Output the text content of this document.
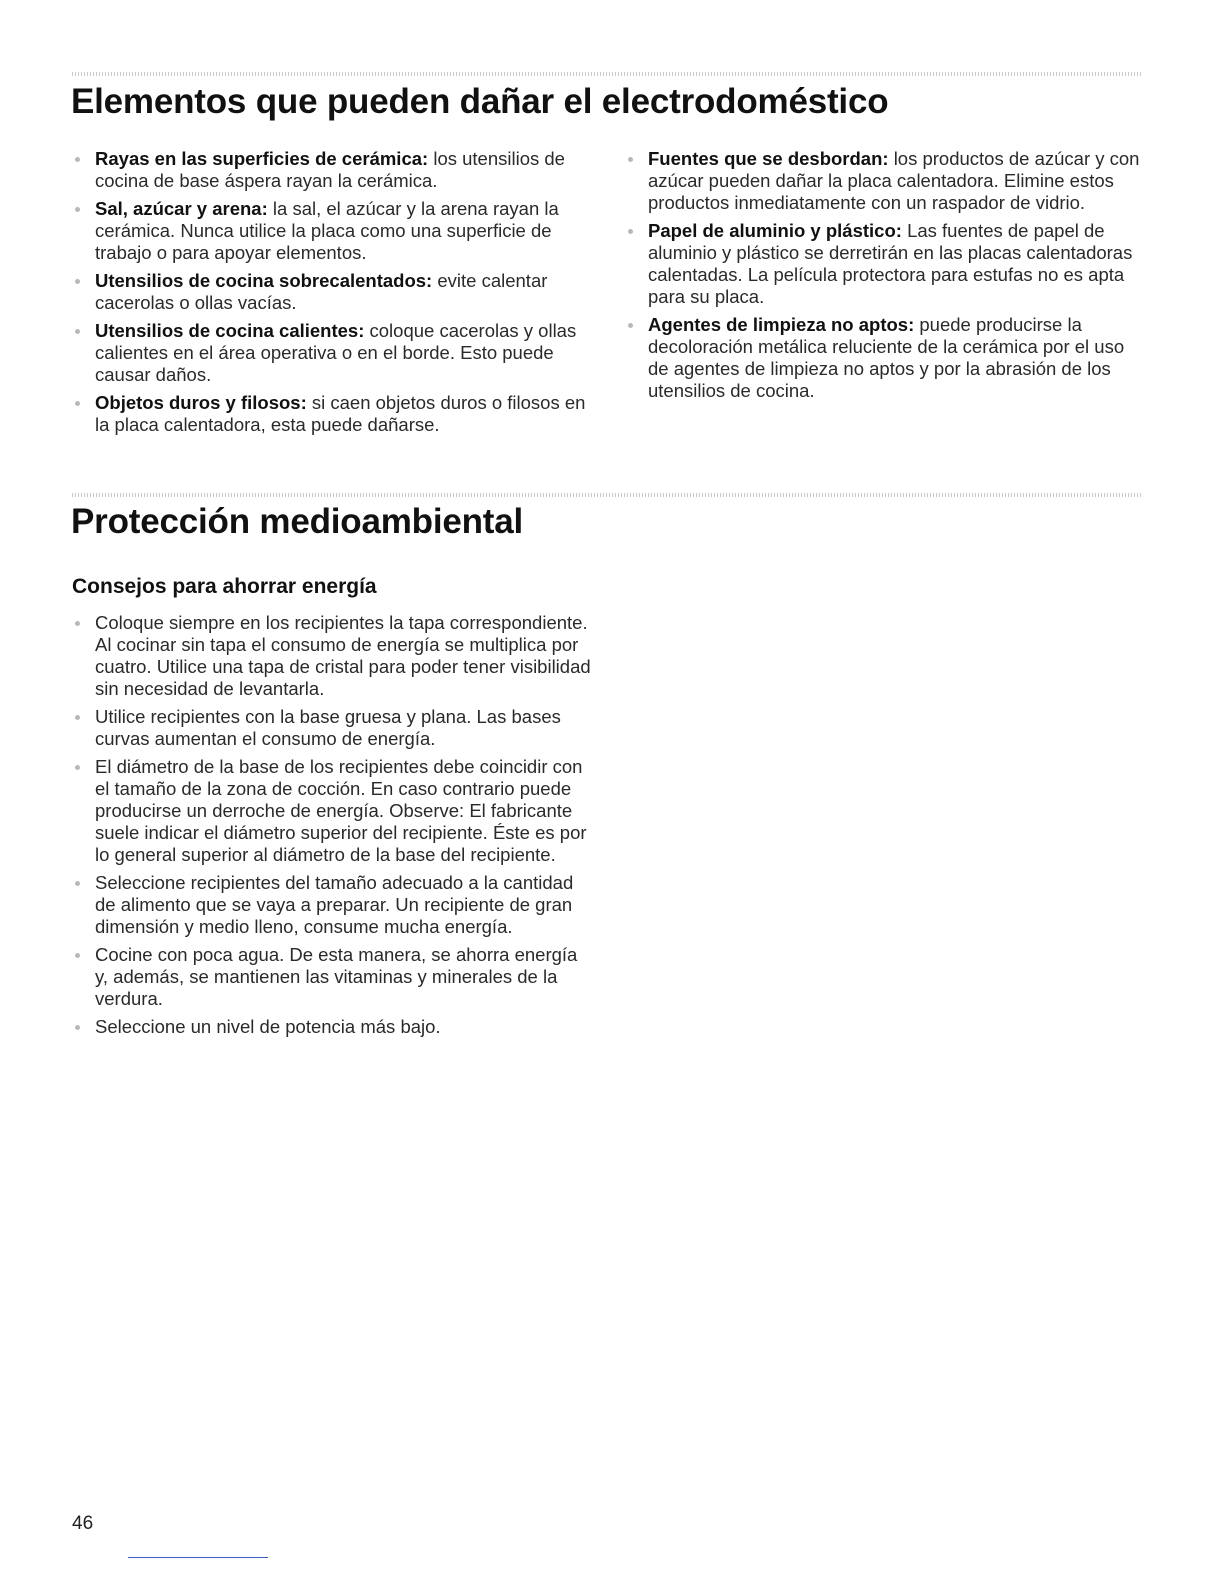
Elementos que pueden dañar el electrodoméstico
Rayas en las superficies de cerámica: los utensilios de cocina de base áspera rayan la cerámica.
Sal, azúcar y arena: la sal, el azúcar y la arena rayan la cerámica. Nunca utilice la placa como una superficie de trabajo o para apoyar elementos.
Utensilios de cocina sobrecalentados: evite calentar cacerolas o ollas vacías.
Utensilios de cocina calientes: coloque cacerolas y ollas calientes en el área operativa o en el borde. Esto puede causar daños.
Objetos duros y filosos: si caen objetos duros o filosos en la placa calentadora, esta puede dañarse.
Fuentes que se desbordan: los productos de azúcar y con azúcar pueden dañar la placa calentadora. Elimine estos productos inmediatamente con un raspador de vidrio.
Papel de aluminio y plástico: Las fuentes de papel de aluminio y plástico se derretirán en las placas calentadoras calentadas. La película protectora para estufas no es apta para su placa.
Agentes de limpieza no aptos: puede producirse la decoloración metálica reluciente de la cerámica por el uso de agentes de limpieza no aptos y por la abrasión de los utensilios de cocina.
Protección medioambiental
Consejos para ahorrar energía
Coloque siempre en los recipientes la tapa correspondiente. Al cocinar sin tapa el consumo de energía se multiplica por cuatro. Utilice una tapa de cristal para poder tener visibilidad sin necesidad de levantarla.
Utilice recipientes con la base gruesa y plana. Las bases curvas aumentan el consumo de energía.
El diámetro de la base de los recipientes debe coincidir con el tamaño de la zona de cocción. En caso contrario puede producirse un derroche de energía. Observe: El fabricante suele indicar el diámetro superior del recipiente. Éste es por lo general superior al diámetro de la base del recipiente.
Seleccione recipientes del tamaño adecuado a la cantidad de alimento que se vaya a preparar. Un recipiente de gran dimensión y medio lleno, consume mucha energía.
Cocine con poca agua. De esta manera, se ahorra energía y, además, se mantienen las vitaminas y minerales de la verdura.
Seleccione un nivel de potencia más bajo.
46
